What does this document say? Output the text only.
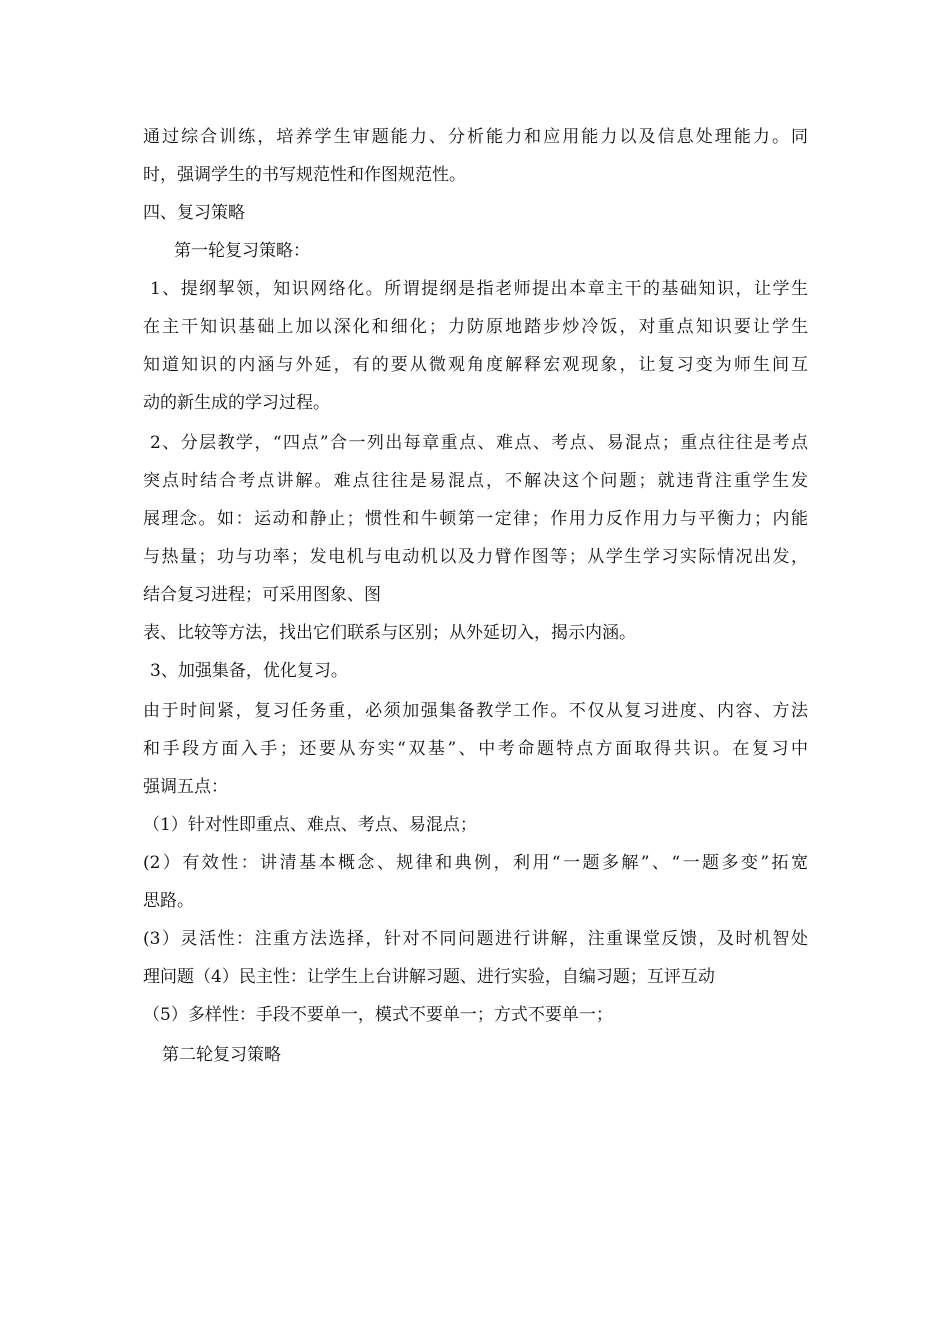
通过综合训练，培养学生审题能力、分析能力和应用能力以及信息处理能力。同
时，强调学生的书写规范性和作图规范性。
四、复习策略
第一轮复习策略：
1、提纲挈领，知识网络化。所谓提纲是指老师提出本章主干的基础知识，让学生
在主干知识基础上加以深化和细化；力防原地踏步炒冷饭，对重点知识要让学生
知道知识的内涵与外延，有的要从微观角度解释宏观现象，让复习变为师生间互
动的新生成的学习过程。
2、分层教学，“四点”合一列出每章重点、难点、考点、易混点；重点往往是考点
突点时结合考点讲解。难点往往是易混点，不解决这个问题；就违背注重学生发
展理念。如：运动和静止；惯性和牛顿第一定律；作用力反作用力与平衡力；内能
与热量；功与功率；发电机与电动机以及力臂作图等；从学生学习实际情况出发，
结合复习进程；可采用图象、图
表、比较等方法，找出它们联系与区别；从外延切入，揭示内涵。
3、加强集备，优化复习。
由于时间紧，复习任务重，必须加强集备教学工作。不仅从复习进度、内容、方法
和手段方面入手；还要从夯实“双基”、中考命题特点方面取得共识。在复习中
强调五点：
（1）针对性即重点、难点、考点、易混点；
(2）有效性：讲清基本概念、规律和典例，利用“一题多解”、“一题多变”拓宽
思路。
(3）灵活性：注重方法选择，针对不同问题进行讲解，注重课堂反馈，及时机智处
理问题（4）民主性：让学生上台讲解习题、进行实验，自编习题；互评互动
（5）多样性：手段不要单一，模式不要单一；方式不要单一；
第二轮复习策略
